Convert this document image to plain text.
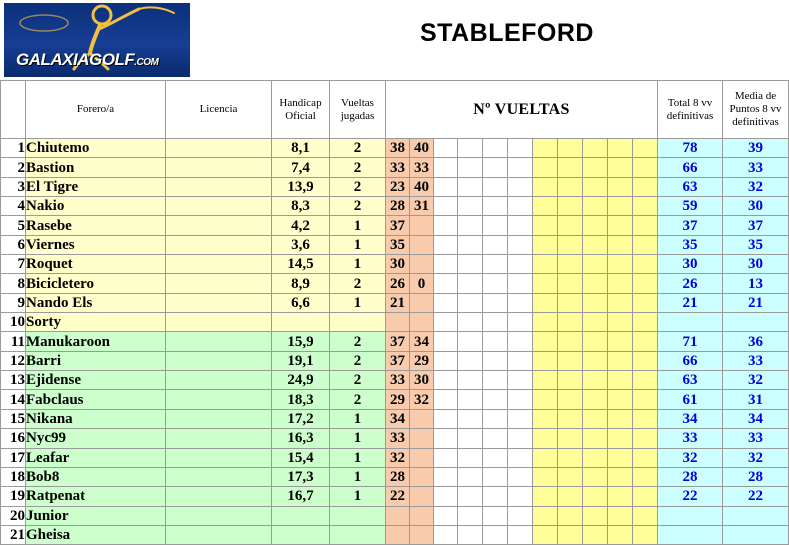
GALAXIAGOLF.COM
STABLEFORD
	Forero/a	Licencia	Handicap Oficial	Vueltas jugadas	Nº VUELTAS											Total 8 vv definitivas	Media de Puntos 8 vv definitivas
1	Chiutemo		8,1	2	38	40										78	39
2	Bastion		7,4	2	33	33										66	33
3	El Tigre		13,9	2	23	40										63	32
4	Nakio		8,3	2	28	31										59	30
5	Rasebe		4,2	1	37											37	37
6	Viernes		3,6	1	35											35	35
7	Roquet		14,5	1	30											30	30
8	Bicicletero		8,9	2	26	0										26	13
9	Nando Els		6,6	1	21											21	21
10	Sorty																
11	Manukaroon		15,9	2	37	34										71	36
12	Barri		19,1	2	37	29										66	33
13	Ejidense		24,9	2	33	30										63	32
14	Fabclaus		18,3	2	29	32										61	31
15	Nikana		17,2	1	34											34	34
16	Nyc99		16,3	1	33											33	33
17	Leafar		15,4	1	32											32	32
18	Bob8		17,3	1	28											28	28
19	Ratpenat		16,7	1	22											22	22
20	Junior																
21	Gheisa																
